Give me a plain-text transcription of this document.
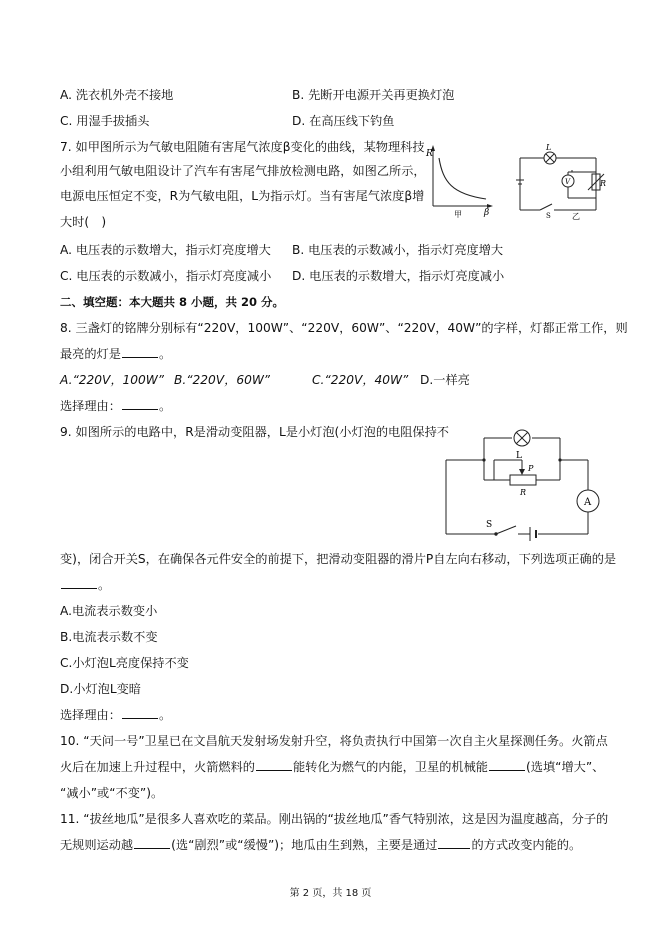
A. 洗衣机外壳不接地	B. 先断开电源开关再更换灯泡
C. 用湿手拔插头	D. 在高压线下钓鱼
7. 如甲图所示为气敏电阻随有害尾气浓度β变化的曲线，某物理科技
小组利用气敏电阻设计了汽车有害尾气排放检测电路，如图乙所示，
电源电压恒定不变，R为气敏电阻，L为指示灯。当有害尾气浓度β增
大时(　)
R
β
甲
L
V	R
S	乙
A. 电压表的示数增大，指示灯亮度增大 B. 电压表的示数减小，指示灯亮度增大
C. 电压表的示数减小，指示灯亮度减小 D. 电压表的示数增大，指示灯亮度减小
二、填空题：本大题共 8 小题，共 20 分。
8. 三盏灯的铭牌分别标有“220V，100W”、“220V，60W”、“220V，40W”的字样，灯都正常工作，则
最亮的灯是	。
A.“220V，100W” B.“220V，60W”	C.“220V，40W” D.一样亮
选择理由：	。
9. 如图所示的电路中，R是滑动变阻器，L是小灯泡(小灯泡的电阻保持不
L
P
R
A
S
变)，闭合开关S，在确保各元件安全的前提下，把滑动变阻器的滑片P自左向右移动，下列选项正确的是
。
A.电流表示数变小
B.电流表示数不变
C.小灯泡L亮度保持不变
D.小灯泡L变暗
选择理由：	。
10. “天问一号”卫星已在文昌航天发射场发射升空，将负责执行中国第一次自主火星探测任务。火箭点
火后在加速上升过程中，火箭燃料的	能转化为燃气的内能，卫星的机械能	(选填“增大”、
“减小”或“不变”)。
11. “拔丝地瓜”是很多人喜欢吃的菜品。刚出锅的“拔丝地瓜”香气特别浓，这是因为温度越高，分子的
无规则运动越	(选“剧烈”或“缓慢”)；地瓜由生到熟，主要是通过	的方式改变内能的。
第 2 页，共 18 页
